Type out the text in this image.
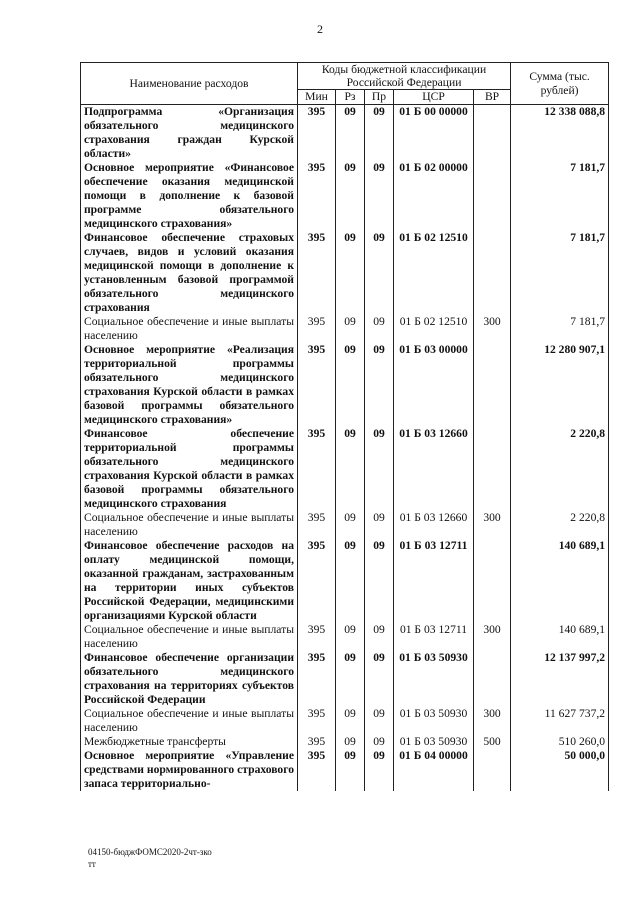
2
Наименование расходов	Коды бюджетной классификации Российской Федерации					Сумма (тыс. рублей)
	Мин	Рз	Пр	ЦСР	ВР	
Подпрограмма «Организация обязательного медицинского страхования граждан Курской области»	395	09	09	01 Б 00 00000		12 338 088,8
Основное мероприятие «Финансовое обеспечение оказания медицинской помощи в дополнение к базовой программе обязательного медицинского страхования»	395	09	09	01 Б 02 00000		7 181,7
Финансовое обеспечение страховых случаев, видов и условий оказания медицинской помощи в дополнение к установленным базовой программой обязательного медицинского страхования	395	09	09	01 Б 02 12510		7 181,7
Социальное обеспечение и иные выплаты населению	395	09	09	01 Б 02 12510	300	7 181,7
Основное мероприятие «Реализация территориальной программы обязательного медицинского страхования Курской области в рамках базовой программы обязательного медицинского страхования»	395	09	09	01 Б 03 00000		12 280 907,1
Финансовое обеспечение территориальной программы обязательного медицинского страхования Курской области в рамках базовой программы обязательного медицинского страхования	395	09	09	01 Б 03 12660		2 220,8
Социальное обеспечение и иные выплаты населению	395	09	09	01 Б 03 12660	300	2 220,8
Финансовое обеспечение расходов на оплату медицинской помощи, оказанной гражданам, застрахованным на территории иных субъектов Российской Федерации, медицинскими организациями Курской области	395	09	09	01 Б 03 12711		140 689,1
Социальное обеспечение и иные выплаты населению	395	09	09	01 Б 03 12711	300	140 689,1
Финансовое обеспечение организации обязательного медицинского страхования на территориях субъектов Российской Федерации	395	09	09	01 Б 03 50930		12 137 997,2
Социальное обеспечение и иные выплаты населению	395	09	09	01 Б 03 50930	300	11 627 737,2
Межбюджетные трансферты	395	09	09	01 Б 03 50930	500	510 260,0
Основное мероприятие «Управление средствами нормированного страхового запаса территориально-	395	09	09	01 Б 04 00000		50 000,0
04150-бюджФОМС2020-2чт-зко
тт
